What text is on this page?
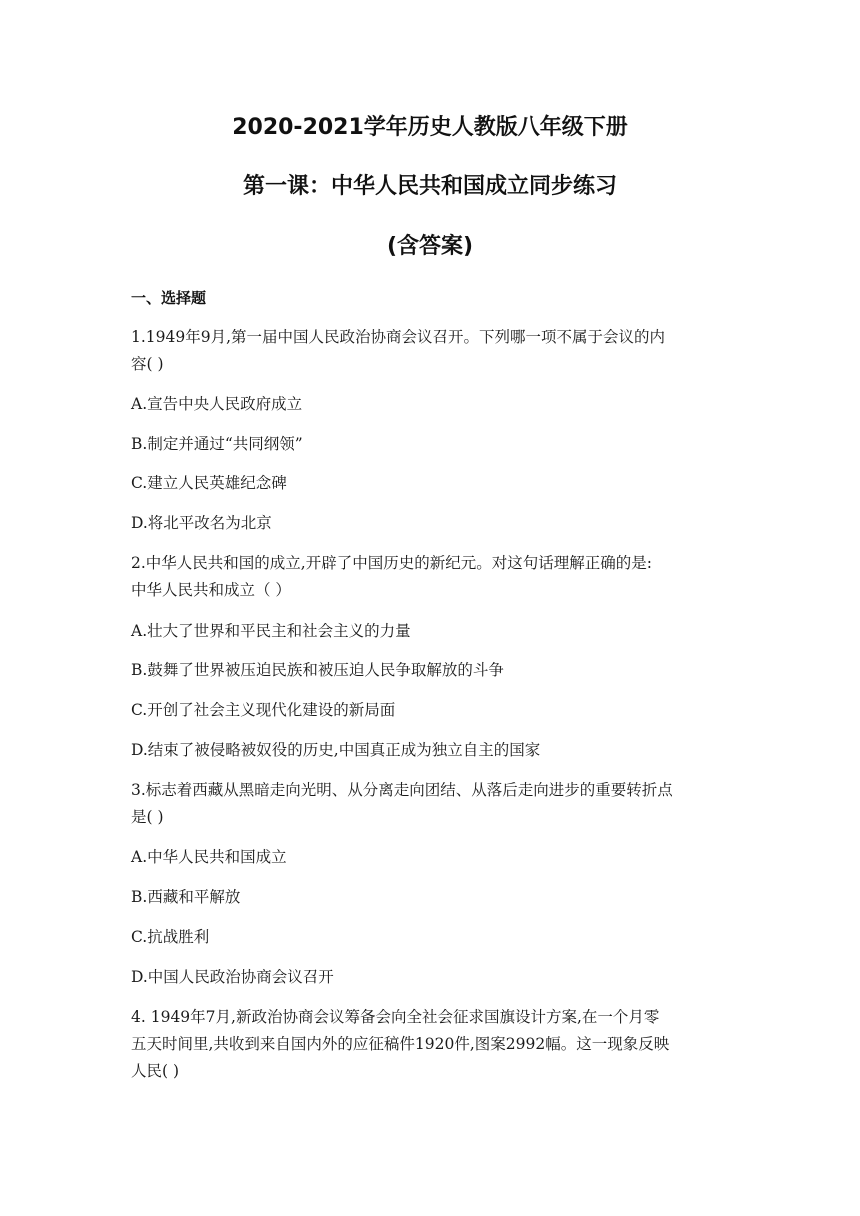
2020-2021学年历史人教版八年级下册
第一课：中华人民共和国成立同步练习
(含答案)
一、选择题
1.1949年9月,第一届中国人民政治协商会议召开。下列哪一项不属于会议的内
容( )
A.宣告中央人民政府成立
B.制定并通过“共同纲领”
C.建立人民英雄纪念碑
D.将北平改名为北京
2.中华人民共和国的成立,开辟了中国历史的新纪元。对这句话理解正确的是:
中华人民共和成立（ ）
A.壮大了世界和平民主和社会主义的力量
B.鼓舞了世界被压迫民族和被压迫人民争取解放的斗争
C.开创了社会主义现代化建设的新局面
D.结束了被侵略被奴役的历史,中国真正成为独立自主的国家
3.标志着西藏从黑暗走向光明、从分离走向团结、从落后走向进步的重要转折点
是( )
A.中华人民共和国成立
B.西藏和平解放
C.抗战胜利
D.中国人民政治协商会议召开
4. 1949年7月,新政治协商会议筹备会向全社会征求国旗设计方案,在一个月零
五天时间里,共收到来自国内外的应征稿件1920件,图案2992幅。这一现象反映
人民( )
